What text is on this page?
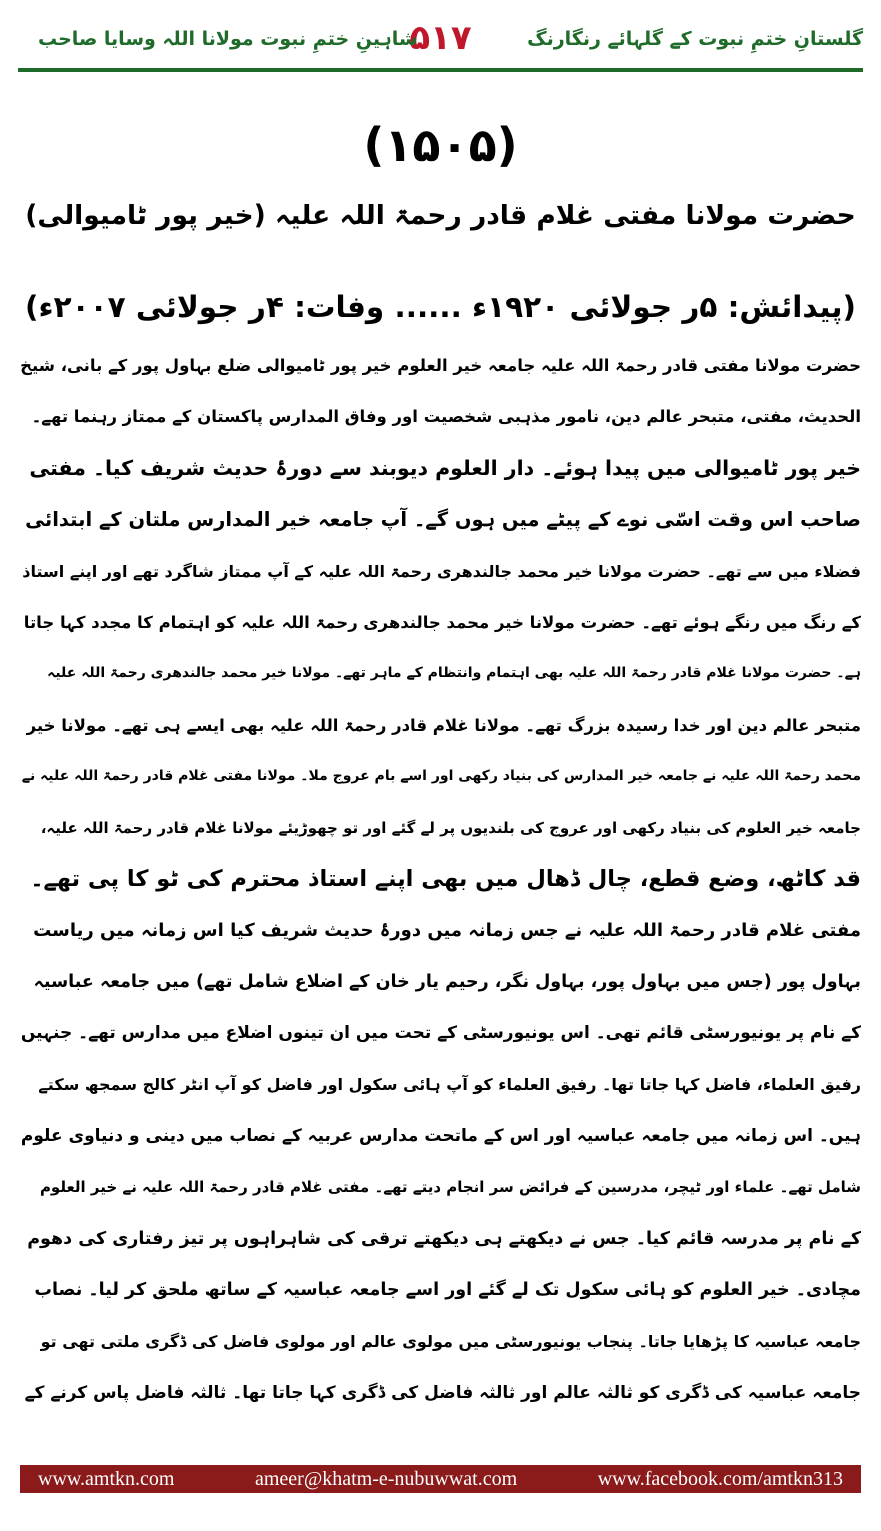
گلستانِ ختمِ نبوت کے گلہائے رنگارنگ
۵۱۷
شاہینِ ختمِ نبوت مولانا اللہ وسایا صاحب
(۱۵۰۵)
حضرت مولانا مفتی غلام قادر رحمۃ اللہ علیہ (خیر پور ٹامیوالی)
(پیدائش: ۵ر جولائی ۱۹۲۰ء ...... وفات: ۴ر جولائی ۲۰۰۷ء)
حضرت مولانا مفتی قادر رحمۃ اللہ علیہ جامعہ خیر العلوم خیر پور ٹامیوالی ضلع بہاول پور کے بانی، شیخ
الحدیث، مفتی، متبحر عالم دین، نامور مذہبی شخصیت اور وفاق المدارس پاکستان کے ممتاز رہنما تھے۔
خیر پور ٹامیوالی میں پیدا ہوئے۔ دار العلوم دیوبند سے دورۂ حدیث شریف کیا۔ مفتی
صاحب اس وقت اسّی نوے کے پیٹے میں ہوں گے۔ آپ جامعہ خیر المدارس ملتان کے ابتدائی
فضلاء میں سے تھے۔ حضرت مولانا خیر محمد جالندھری رحمۃ اللہ علیہ کے آپ ممتاز شاگرد تھے اور اپنے استاذ
کے رنگ میں رنگے ہوئے تھے۔ حضرت مولانا خیر محمد جالندھری رحمۃ اللہ علیہ کو اہتمام کا مجدد کہا جاتا
ہے۔ حضرت مولانا غلام قادر رحمۃ اللہ علیہ بھی اہتمام وانتظام کے ماہر تھے۔ مولانا خیر محمد جالندھری رحمۃ اللہ علیہ
متبحر عالم دین اور خدا رسیدہ بزرگ تھے۔ مولانا غلام قادر رحمۃ اللہ علیہ بھی ایسے ہی تھے۔ مولانا خیر
محمد رحمۃ اللہ علیہ نے جامعہ خیر المدارس کی بنیاد رکھی اور اسے بام عروج ملا۔ مولانا مفتی غلام قادر رحمۃ اللہ علیہ نے
جامعہ خیر العلوم کی بنیاد رکھی اور عروج کی بلندیوں پر لے گئے اور تو چھوڑیئے مولانا غلام قادر رحمۃ اللہ علیہ،
قد کاٹھ، وضع قطع، چال ڈھال میں بھی اپنے استاذ محترم کی ٹو کا پی تھے۔
مفتی غلام قادر رحمۃ اللہ علیہ نے جس زمانہ میں دورۂ حدیث شریف کیا اس زمانہ میں ریاست
بہاول پور (جس میں بہاول پور، بہاول نگر، رحیم یار خان کے اضلاع شامل تھے) میں جامعہ عباسیہ
کے نام پر یونیورسٹی قائم تھی۔ اس یونیورسٹی کے تحت میں ان تینوں اضلاع میں مدارس تھے۔ جنہیں
رفیق العلماء، فاضل کہا جاتا تھا۔ رفیق العلماء کو آپ ہائی سکول اور فاضل کو آپ انٹر کالج سمجھ سکتے
ہیں۔ اس زمانہ میں جامعہ عباسیہ اور اس کے ماتحت مدارس عربیہ کے نصاب میں دینی و دنیاوی علوم
شامل تھے۔ علماء اور ٹیچر، مدرسین کے فرائض سر انجام دیتے تھے۔ مفتی غلام قادر رحمۃ اللہ علیہ نے خیر العلوم
کے نام پر مدرسہ قائم کیا۔ جس نے دیکھتے ہی دیکھتے ترقی کی شاہراہوں پر تیز رفتاری کی دھوم
مچادی۔ خیر العلوم کو ہائی سکول تک لے گئے اور اسے جامعہ عباسیہ کے ساتھ ملحق کر لیا۔ نصاب
جامعہ عباسیہ کا پڑھایا جاتا۔ پنجاب یونیورسٹی میں مولوی عالم اور مولوی فاضل کی ڈگری ملتی تھی تو
جامعہ عباسیہ کی ڈگری کو ثالثہ عالم اور ثالثہ فاضل کی ڈگری کہا جاتا تھا۔ ثالثہ فاضل پاس کرنے کے
www.amtkn.com	ameer@khatm-e-nubuwwat.com	www.facebook.com/amtkn313
